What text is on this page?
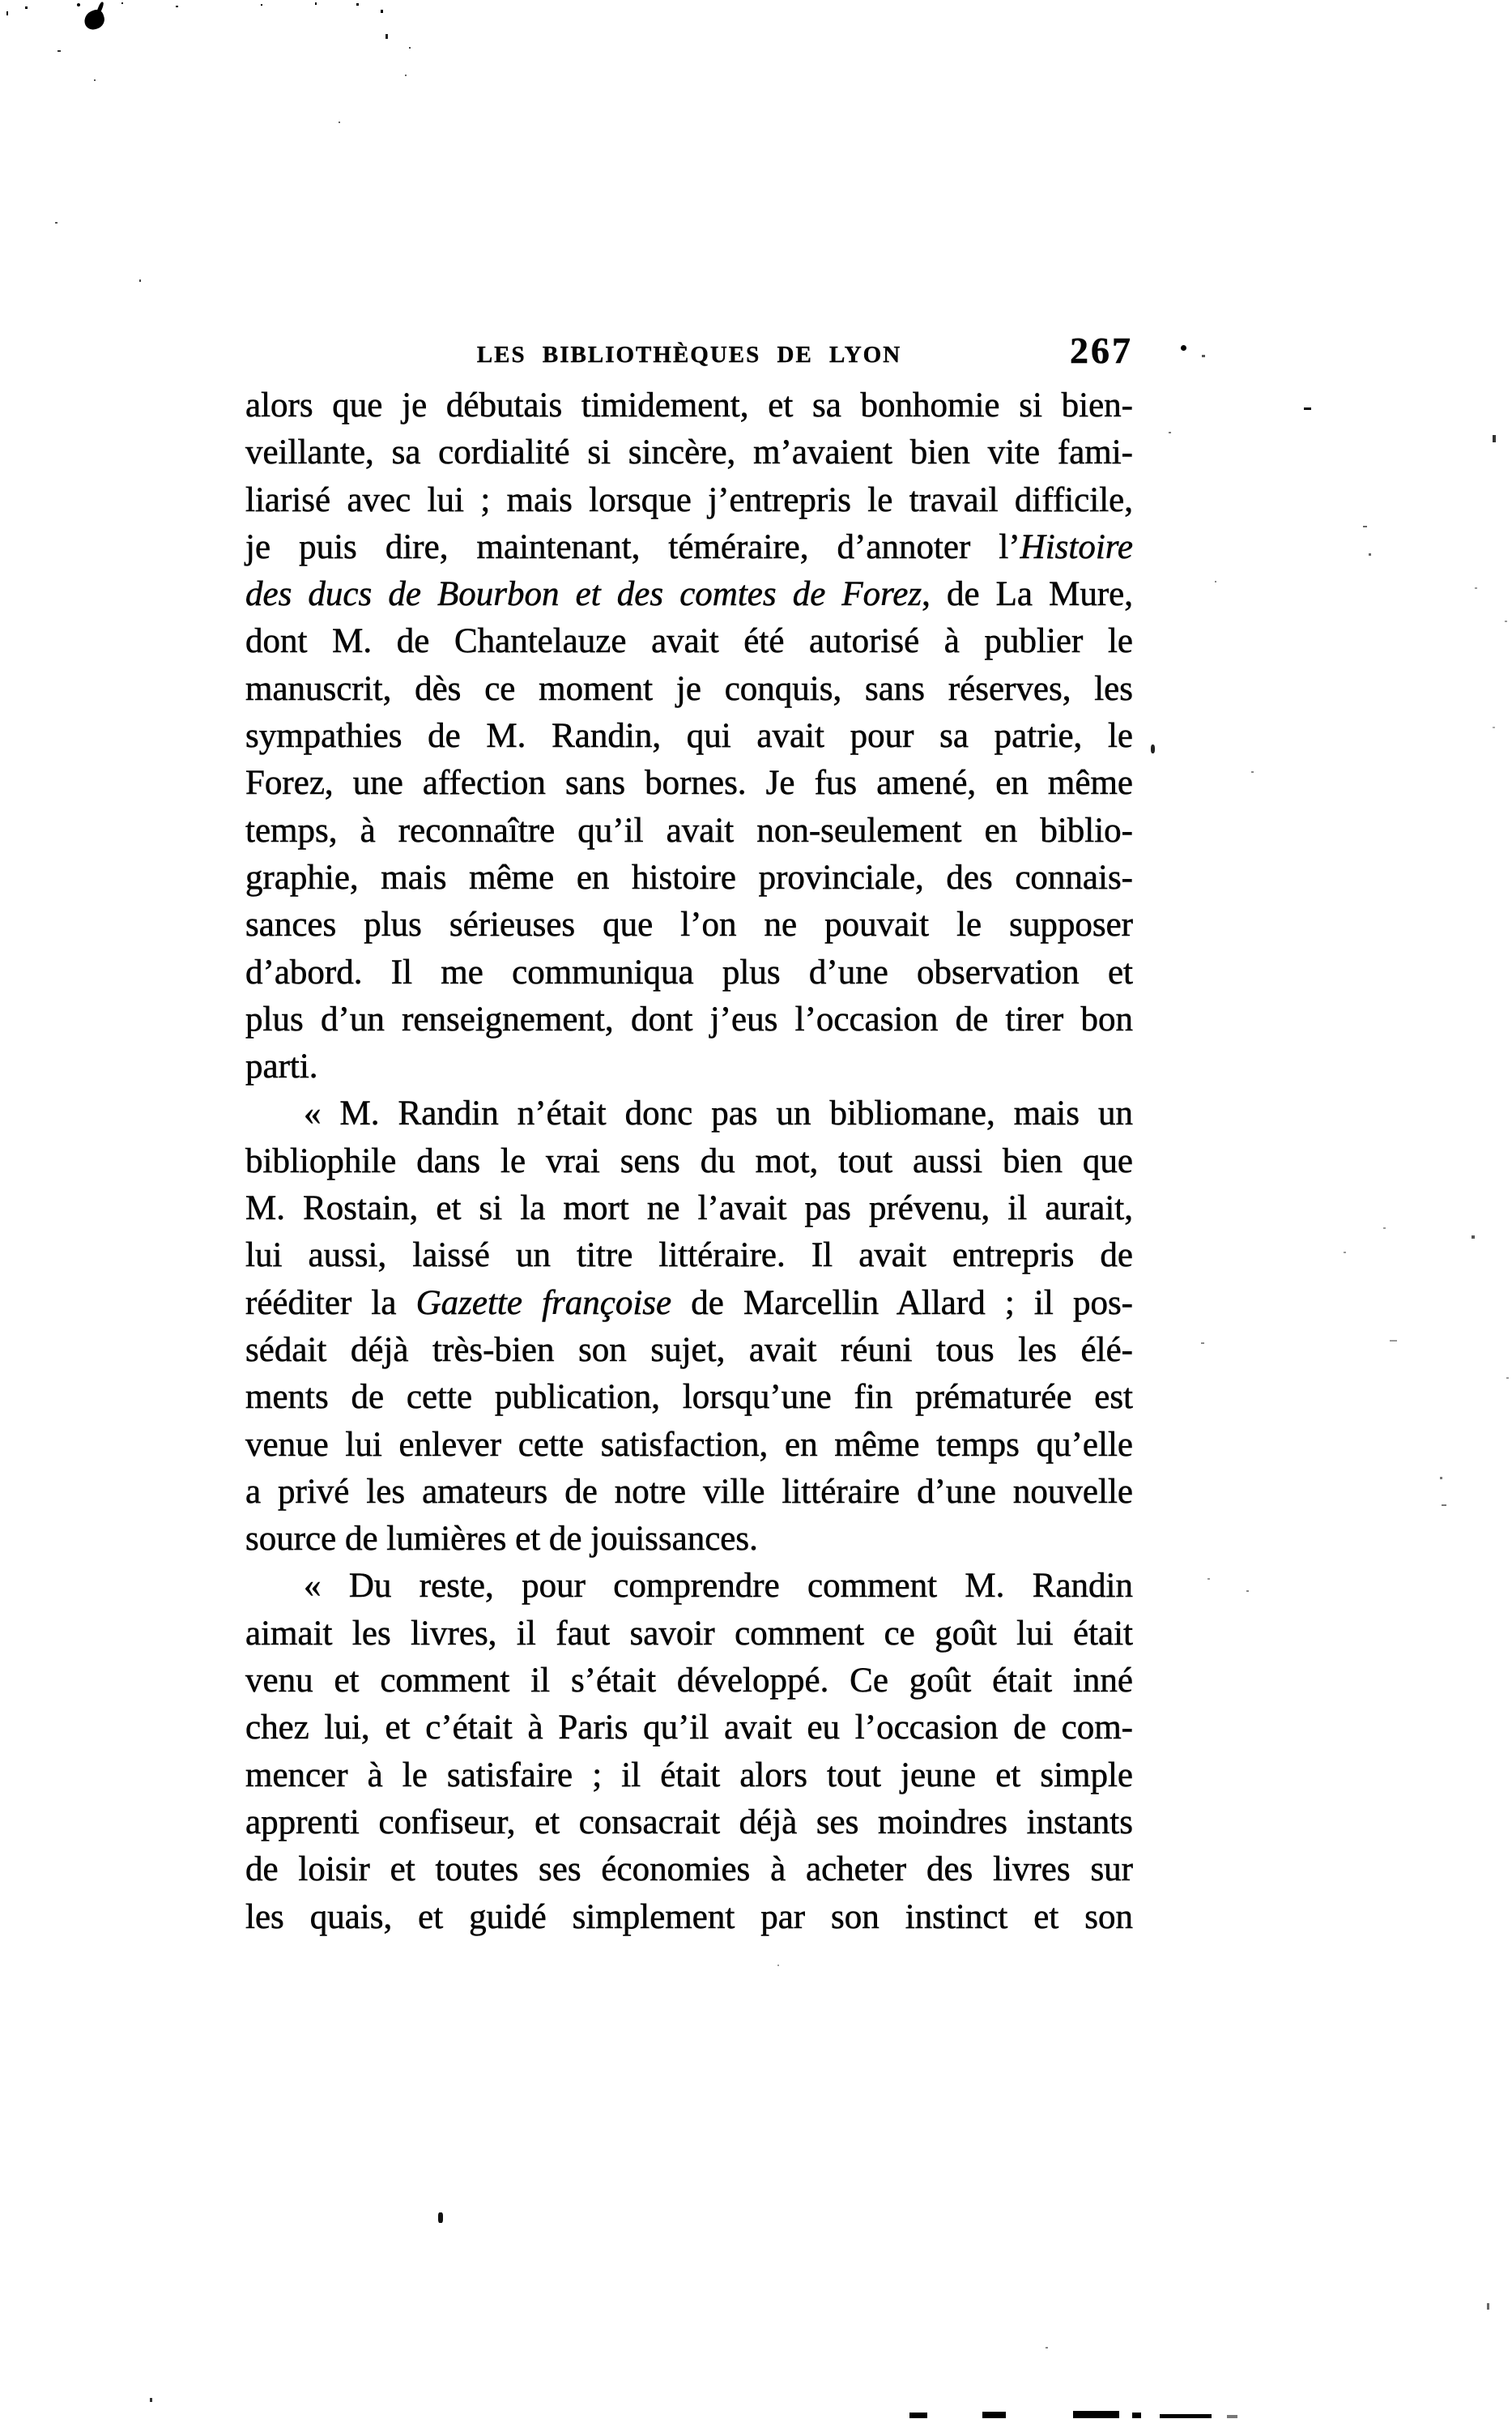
LES BIBLIOTHÈQUES DE LYON	267
alors que je débutais timidement, et sa bonhomie si bien-
veillante, sa cordialité si sincère, m’avaient bien vite fami-
liarisé avec lui ; mais lorsque j’entrepris le travail difficile,
je puis dire, maintenant, téméraire, d’annoter l’Histoire
des ducs de Bourbon et des comtes de Forez, de La Mure,
dont M. de Chantelauze avait été autorisé à publier le
manuscrit, dès ce moment je conquis, sans réserves, les
sympathies de M. Randin, qui avait pour sa patrie, le
Forez, une affection sans bornes. Je fus amené, en même
temps, à reconnaître qu’il avait non-seulement en biblio-
graphie, mais même en histoire provinciale, des connais-
sances plus sérieuses que l’on ne pouvait le supposer
d’abord. Il me communiqua plus d’une observation et
plus d’un renseignement, dont j’eus l’occasion de tirer bon
parti.
« M. Randin n’était donc pas un bibliomane, mais un
bibliophile dans le vrai sens du mot, tout aussi bien que
M. Rostain, et si la mort ne l’avait pas prévenu, il aurait,
lui aussi, laissé un titre littéraire. Il avait entrepris de
rééditer la Gazette françoise de Marcellin Allard ; il pos-
sédait déjà très-bien son sujet, avait réuni tous les élé-
ments de cette publication, lorsqu’une fin prématurée est
venue lui enlever cette satisfaction, en même temps qu’elle
a privé les amateurs de notre ville littéraire d’une nouvelle
source de lumières et de jouissances.
« Du reste, pour comprendre comment M. Randin
aimait les livres, il faut savoir comment ce goût lui était
venu et comment il s’était développé. Ce goût était inné
chez lui, et c’était à Paris qu’il avait eu l’occasion de com-
mencer à le satisfaire ; il était alors tout jeune et simple
apprenti confiseur, et consacrait déjà ses moindres instants
de loisir et toutes ses économies à acheter des livres sur
les quais, et guidé simplement par son instinct et son
